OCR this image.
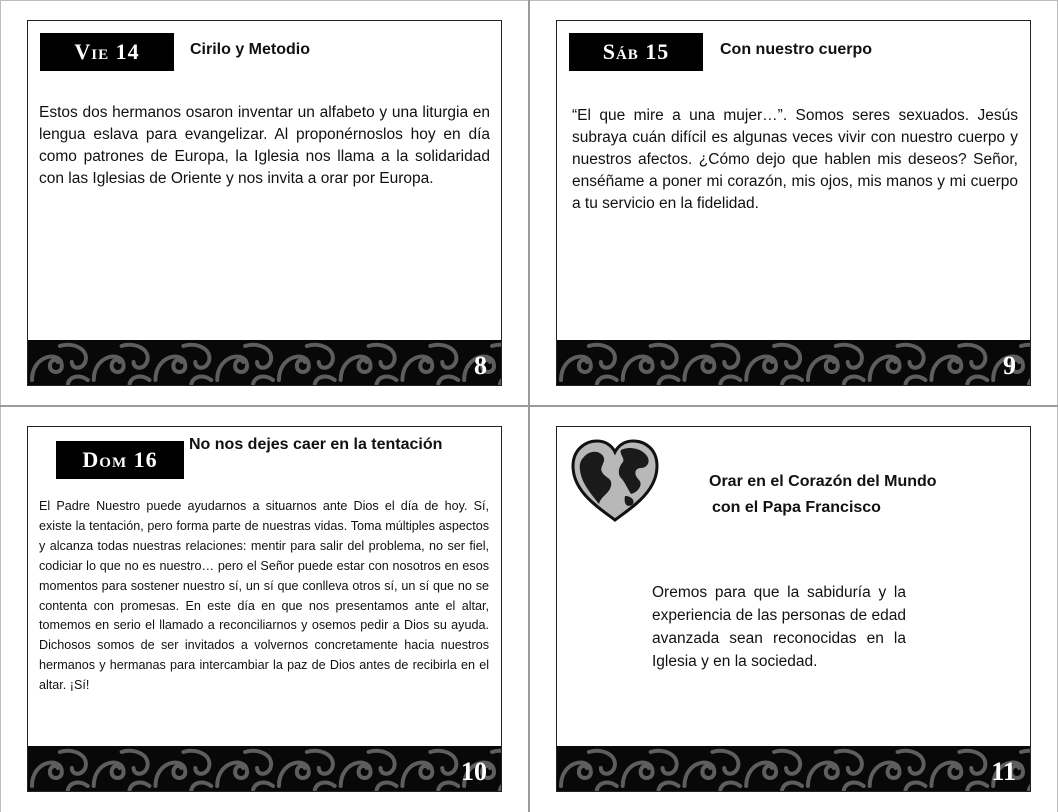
Vie 14	Cirilo y Metodio
Estos dos hermanos osaron inventar un alfabeto y una liturgia en lengua eslava para evangelizar. Al proponérnoslos hoy en día como patrones de Europa, la Iglesia nos llama a la solidaridad con las Iglesias de Oriente y nos invita a orar por Europa.
8
Sáb 15	Con nuestro cuerpo
“El que mire a una mujer…”. Somos seres sexuados. Jesús subraya cuán difícil es algunas veces vivir con nuestro cuerpo y nuestros afectos. ¿Cómo dejo que hablen mis deseos? Señor, enséñame a poner mi corazón, mis ojos, mis manos y mi cuerpo a tu servicio en la fidelidad.
9
Dom 16
No nos dejes caer en la tentación
El Padre Nuestro puede ayudarnos a situarnos ante Dios el día de hoy. Sí, existe la tentación, pero forma parte de nuestras vidas. Toma múltiples aspectos y alcanza todas nuestras relaciones: mentir para salir del problema, no ser fiel, codiciar lo que no es nuestro… pero el Señor puede estar con nosotros en esos momentos para sostener nuestro sí, un sí que conlleva otros sí, un sí que no se contenta con promesas. En este día en que nos presentamos ante el altar, tomemos en serio el llamado a reconciliarnos y osemos pedir a Dios su ayuda. Dichosos somos de ser invitados a volvernos concretamente hacia nuestros hermanos y hermanas para intercambiar la paz de Dios antes de recibirla en el altar. ¡Sí!
10
Orar en el Corazón del Mundo
con el Papa Francisco
Oremos para que la sabiduría y la experiencia de las personas de edad avanzada sean reconocidas en la Iglesia y en la sociedad.
11
